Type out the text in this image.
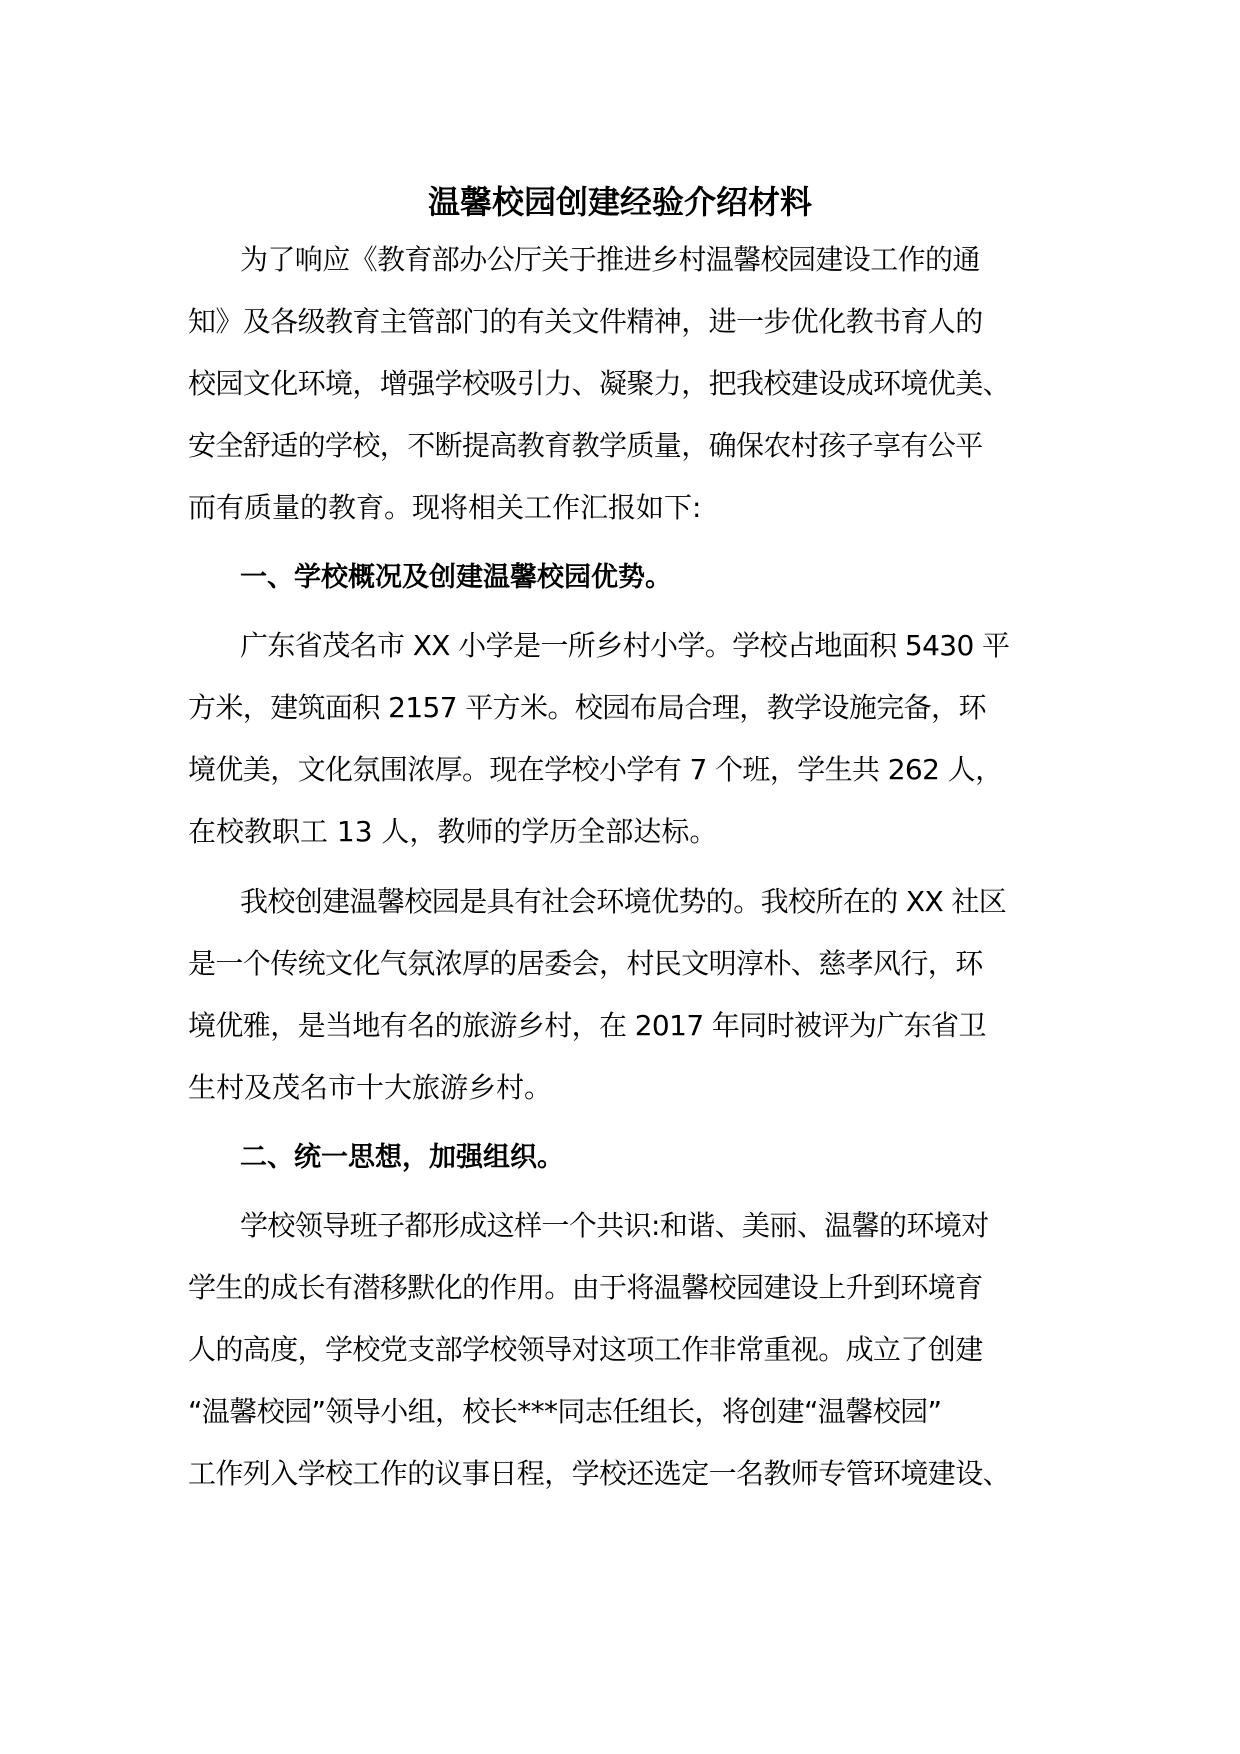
温馨校园创建经验介绍材料

为了响应《教育部办公厅关于推进乡村温馨校园建设工作的通

知》及各级教育主管部门的有关文件精神，进一步优化教书育人的

校园文化环境，增强学校吸引力、凝聚力，把我校建设成环境优美、

安全舒适的学校，不断提高教育教学质量，确保农村孩子享有公平

而有质量的教育。现将相关工作汇报如下:

一、学校概况及创建温馨校园优势。

广东省茂名市 XX 小学是一所乡村小学。学校占地面积 5430 平

方米，建筑面积 2157 平方米。校园布局合理，教学设施完备，环

境优美，文化氛围浓厚。现在学校小学有 7 个班，学生共 262 人，

在校教职工 13 人，教师的学历全部达标。

我校创建温馨校园是具有社会环境优势的。我校所在的 XX 社区

是一个传统文化气氛浓厚的居委会，村民文明淳朴、慈孝风行，环

境优雅，是当地有名的旅游乡村，在 2017 年同时被评为广东省卫

生村及茂名市十大旅游乡村。

二、统一思想，加强组织。

学校领导班子都形成这样一个共识:和谐、美丽、温馨的环境对

学生的成长有潜移默化的作用。由于将温馨校园建设上升到环境育

人的高度，学校党支部学校领导对这项工作非常重视。成立了创建

“温馨校园”领导小组，校长***同志任组长，将创建“温馨校园”

工作列入学校工作的议事日程，学校还选定一名教师专管环境建设、
